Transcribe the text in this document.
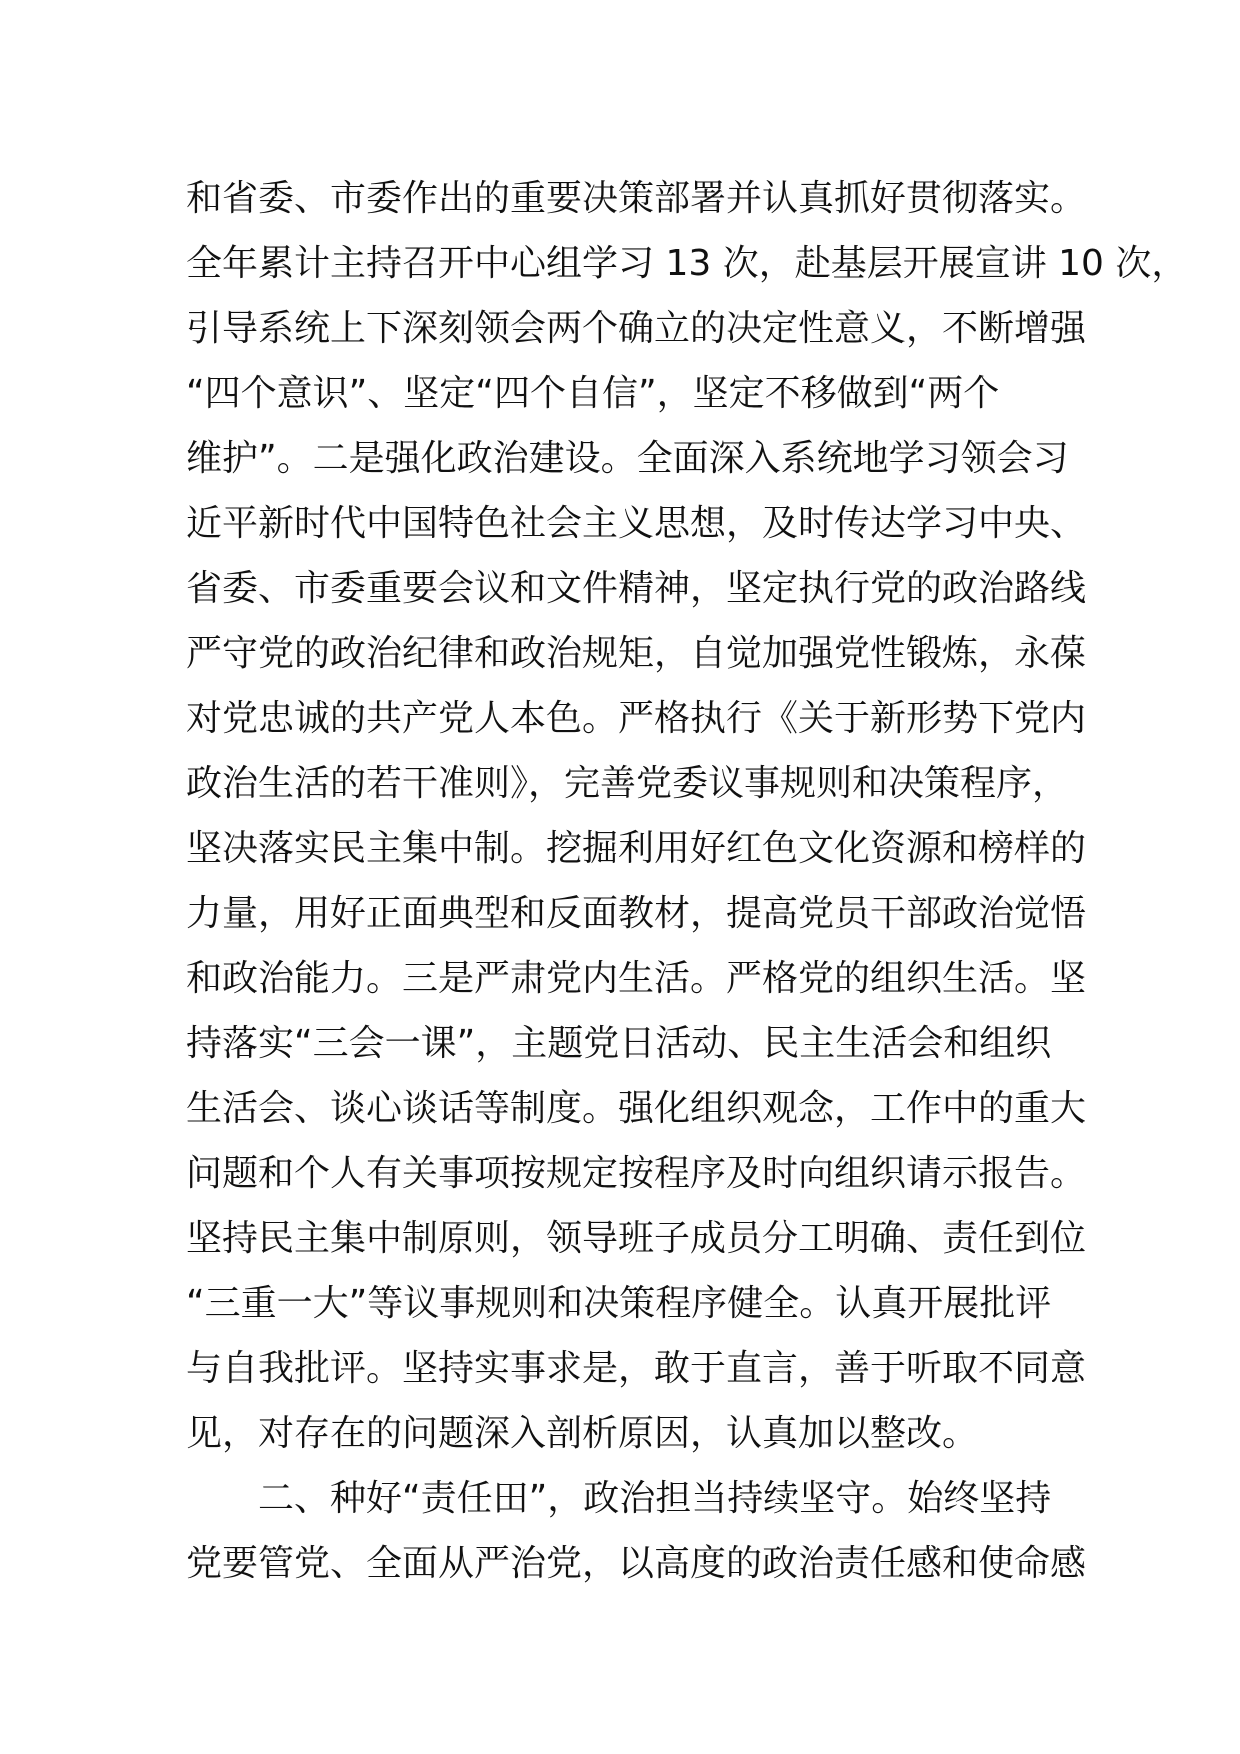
和省委、市委作出的重要决策部署并认真抓好贯彻落实。

全年累计主持召开中心组学习 13 次，赴基层开展宣讲 10 次，

引导系统上下深刻领会两个确立的决定性意义，不断增强

“四个意识”、坚定“四个自信”，坚定不移做到“两个

维护”。二是强化政治建设。全面深入系统地学习领会习

近平新时代中国特色社会主义思想，及时传达学习中央、

省委、市委重要会议和文件精神，坚定执行党的政治路线

严守党的政治纪律和政治规矩，自觉加强党性锻炼，永葆

对党忠诚的共产党人本色。严格执行《关于新形势下党内

政治生活的若干准则》，完善党委议事规则和决策程序，

坚决落实民主集中制。挖掘利用好红色文化资源和榜样的

力量，用好正面典型和反面教材，提高党员干部政治觉悟

和政治能力。三是严肃党内生活。严格党的组织生活。坚

持落实“三会一课”，主题党日活动、民主生活会和组织

生活会、谈心谈话等制度。强化组织观念，工作中的重大

问题和个人有关事项按规定按程序及时向组织请示报告。

坚持民主集中制原则，领导班子成员分工明确、责任到位

“三重一大”等议事规则和决策程序健全。认真开展批评

与自我批评。坚持实事求是，敢于直言，善于听取不同意

见，对存在的问题深入剖析原因，认真加以整改。

　　二、种好“责任田”，政治担当持续坚守。始终坚持

党要管党、全面从严治党，以高度的政治责任感和使命感
